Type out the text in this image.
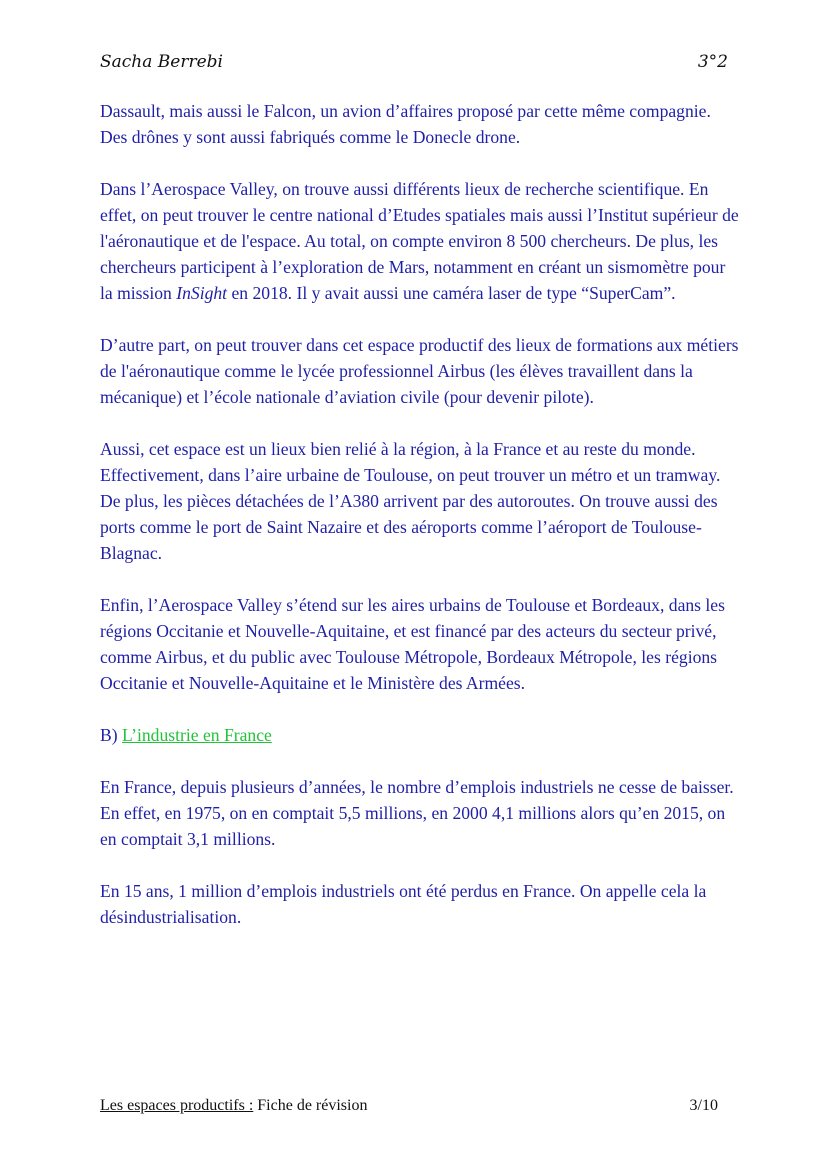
Sacha Berrebi	3°2

Dassault, mais aussi le Falcon, un avion d’affaires proposé par cette même compagnie.

Des drônes y sont aussi fabriqués comme le Donecle drone.

Dans l’Aerospace Valley, on trouve aussi différents lieux de recherche scientifique. En effet, on peut trouver le centre national d’Etudes spatiales mais aussi l’Institut supérieur de l'aéronautique et de l'espace. Au total, on compte environ 8 500 chercheurs. De plus, les chercheurs participent à l’exploration de Mars, notamment en créant un sismomètre pour la mission InSight en 2018. Il y avait aussi une caméra laser de type “SuperCam”.

D’autre part, on peut trouver dans cet espace productif des lieux de formations aux métiers de l'aéronautique comme le lycée professionnel Airbus (les élèves travaillent dans la mécanique) et l’école nationale d’aviation civile (pour devenir pilote).

Aussi, cet espace est un lieux bien relié à la région, à la France et au reste du monde. Effectivement, dans l’aire urbaine de Toulouse, on peut trouver un métro et un tramway. De plus, les pièces détachées de l’A380 arrivent par des autoroutes. On trouve aussi des ports comme le port de Saint Nazaire et des aéroports comme l’aéroport de Toulouse-Blagnac.

Enfin, l’Aerospace Valley s’étend sur les aires urbains de Toulouse et Bordeaux, dans les régions Occitanie et Nouvelle-Aquitaine, et est financé par des acteurs du secteur privé, comme Airbus, et du public avec Toulouse Métropole, Bordeaux Métropole, les régions Occitanie et Nouvelle-Aquitaine et le Ministère des Armées.

B) L’industrie en France

En France, depuis plusieurs d’années, le nombre d’emplois industriels ne cesse de baisser. En effet, en 1975, on en comptait 5,5 millions, en 2000 4,1 millions alors qu’en 2015, on en comptait 3,1 millions.

En 15 ans, 1 million d’emplois industriels ont été perdus en France. On appelle cela la désindustrialisation.

Les espaces productifs : Fiche de révision	3/10
